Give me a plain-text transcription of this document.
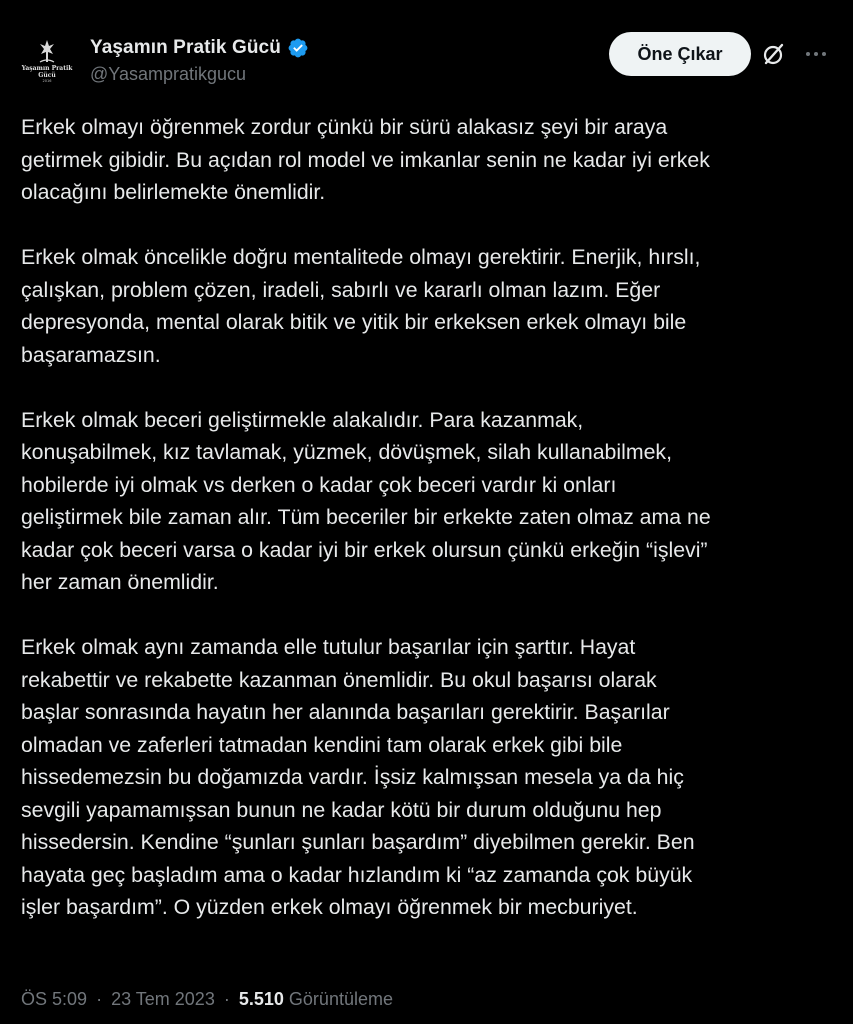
Yaşamın Pratik
Gücü
2016
Yaşamın Pratik Gücü
@Yasampratikgucu
Öne Çıkar

Erkek olmayı öğrenmek zordur çünkü bir sürü alakasız şeyi bir araya
getirmek gibidir. Bu açıdan rol model ve imkanlar senin ne kadar iyi erkek
olacağını belirlemekte önemlidir.

Erkek olmak öncelikle doğru mentalitede olmayı gerektirir. Enerjik, hırslı,
çalışkan, problem çözen, iradeli, sabırlı ve kararlı olman lazım. Eğer
depresyonda, mental olarak bitik ve yitik bir erkeksen erkek olmayı bile
başaramazsın.

Erkek olmak beceri geliştirmekle alakalıdır. Para kazanmak,
konuşabilmek, kız tavlamak, yüzmek, dövüşmek, silah kullanabilmek,
hobilerde iyi olmak vs derken o kadar çok beceri vardır ki onları
geliştirmek bile zaman alır. Tüm beceriler bir erkekte zaten olmaz ama ne
kadar çok beceri varsa o kadar iyi bir erkek olursun çünkü erkeğin “işlevi”
her zaman önemlidir.

Erkek olmak aynı zamanda elle tutulur başarılar için şarttır. Hayat
rekabettir ve rekabette kazanman önemlidir. Bu okul başarısı olarak
başlar sonrasında hayatın her alanında başarıları gerektirir. Başarılar
olmadan ve zaferleri tatmadan kendini tam olarak erkek gibi bile
hissedemezsin bu doğamızda vardır. İşsiz kalmışsan mesela ya da hiç
sevgili yapamamışsan bunun ne kadar kötü bir durum olduğunu hep
hissedersin. Kendine “şunları şunları başardım” diyebilmen gerekir. Ben
hayata geç başladım ama o kadar hızlandım ki “az zamanda çok büyük
işler başardım”. O yüzden erkek olmayı öğrenmek bir mecburiyet.

ÖS 5:09 · 23 Tem 2023 · 5.510 Görüntüleme
